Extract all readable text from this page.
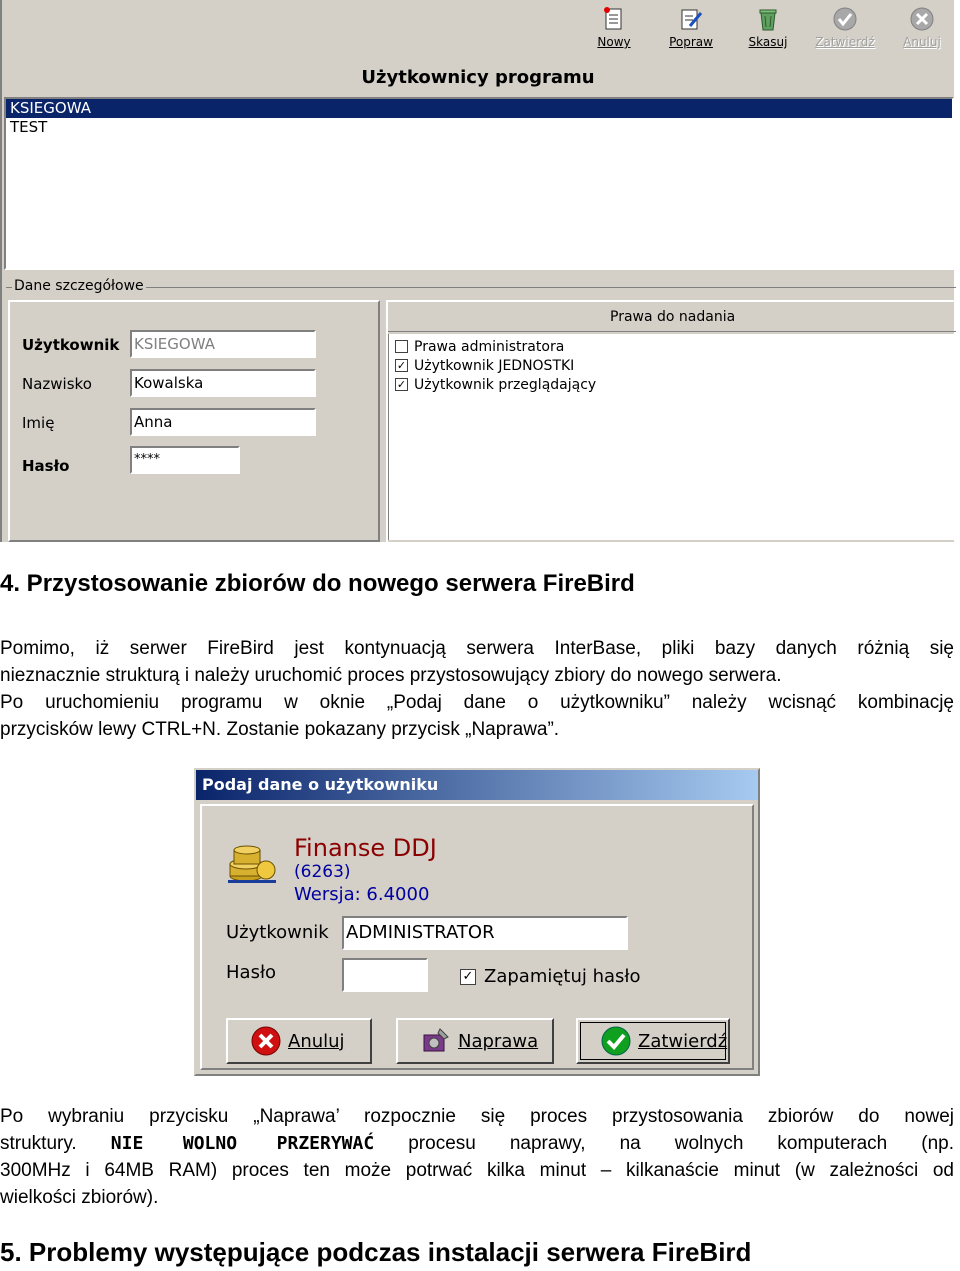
Nowy	Popraw	Skasuj	Zatwierdź	Anuluj
Użytkownicy programu
KSIEGOWA
TEST
Dane szczegółowe
Użytkownik KSIEGOWA
Nazwisko	Kowalska
Imię	Anna
Hasło	****
Prawa do nadania
Prawa administratora
✓ Użytkownik JEDNOSTKI
✓ Użytkownik przeglądający
4. Przystosowanie zbiorów do nowego serwera FireBird
Pomimo, iż serwer FireBird jest kontynuacją serwera InterBase, pliki bazy danych różnią się
nieznacznie strukturą i należy uruchomić proces przystosowujący zbiory do nowego serwera.
Po uruchomieniu programu w oknie „Podaj dane o użytkowniku” należy wcisnąć kombinację
przycisków lewy CTRL+N. Zostanie pokazany przycisk „Naprawa”.
Podaj dane o użytkowniku
Finanse DDJ
(6263)
Wersja: 6.4000
Użytkownik ADMINISTRATOR
Hasło	✓ Zapamiętuj hasło
Anuluj	Naprawa	Zatwierdź
Po wybraniu przycisku „Naprawa’ rozpocznie się proces przystosowania zbiorów do nowej
struktury. NIE WOLNO PRZERYWAĆ procesu naprawy, na wolnych komputerach (np.
300MHz i 64MB RAM) proces ten może potrwać kilka minut – kilkanaście minut (w zależności od
wielkości zbiorów).
5. Problemy występujące podczas instalacji serwera FireBird
